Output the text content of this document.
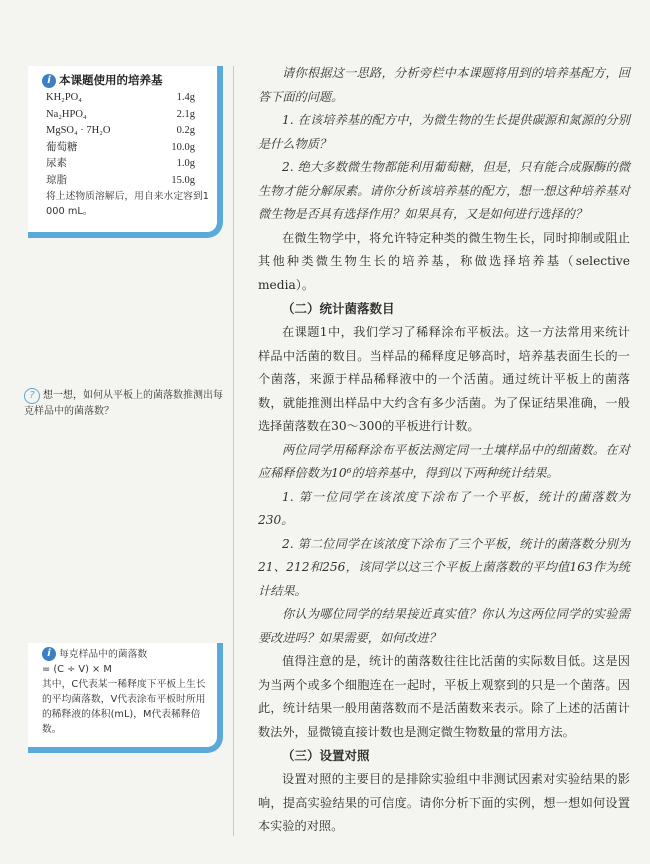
i 本课题使用的培养基
KH₂PO₄	1.4g
Na₂HPO₄	2.1g
MgSO₄ · 7H₂O	0.2g
葡萄糖	10.0g
尿素	1.0g
琼脂	15.0g
将上述物质溶解后，用自来水定容到1 000 mL。
? 想一想，如何从平板上的菌落数推测出每克样品中的菌落数？
i 每克样品中的菌落数
= (C ÷ V) × M
其中，C代表某一稀释度下平板上生长的平均菌落数，V代表涂布平板时所用的稀释液的体积(mL)，M代表稀释倍数。

请你根据这一思路，分析旁栏中本课题将用到的培养基配方，回答下面的问题。

1. 在该培养基的配方中，为微生物的生长提供碳源和氮源的分别是什么物质？

2. 绝大多数微生物都能利用葡萄糖，但是，只有能合成脲酶的微生物才能分解尿素。请你分析该培养基的配方，想一想这种培养基对微生物是否具有选择作用？如果具有，又是如何进行选择的？

在微生物学中，将允许特定种类的微生物生长，同时抑制或阻止其他种类微生物生长的培养基，称做选择培养基（selective media）。

（二）统计菌落数目

在课题1中，我们学习了稀释涂布平板法。这一方法常用来统计样品中活菌的数目。当样品的稀释度足够高时，培养基表面生长的一个菌落，来源于样品稀释液中的一个活菌。通过统计平板上的菌落数，就能推测出样品中大约含有多少活菌。为了保证结果准确，一般选择菌落数在30～300的平板进行计数。

两位同学用稀释涂布平板法测定同一土壤样品中的细菌数。在对应稀释倍数为10⁶的培养基中，得到以下两种统计结果。

1. 第一位同学在该浓度下涂布了一个平板，统计的菌落数为230。

2. 第二位同学在该浓度下涂布了三个平板，统计的菌落数分别为21、212和256，该同学以这三个平板上菌落数的平均值163作为统计结果。

你认为哪位同学的结果接近真实值？你认为这两位同学的实验需要改进吗？如果需要，如何改进？

值得注意的是，统计的菌落数往往比活菌的实际数目低。这是因为当两个或多个细胞连在一起时，平板上观察到的只是一个菌落。因此，统计结果一般用菌落数而不是活菌数来表示。除了上述的活菌计数法外，显微镜直接计数也是测定微生物数量的常用方法。

（三）设置对照

设置对照的主要目的是排除实验组中非测试因素对实验结果的影响，提高实验结果的可信度。请你分析下面的实例，想一想如何设置本实验的对照。
